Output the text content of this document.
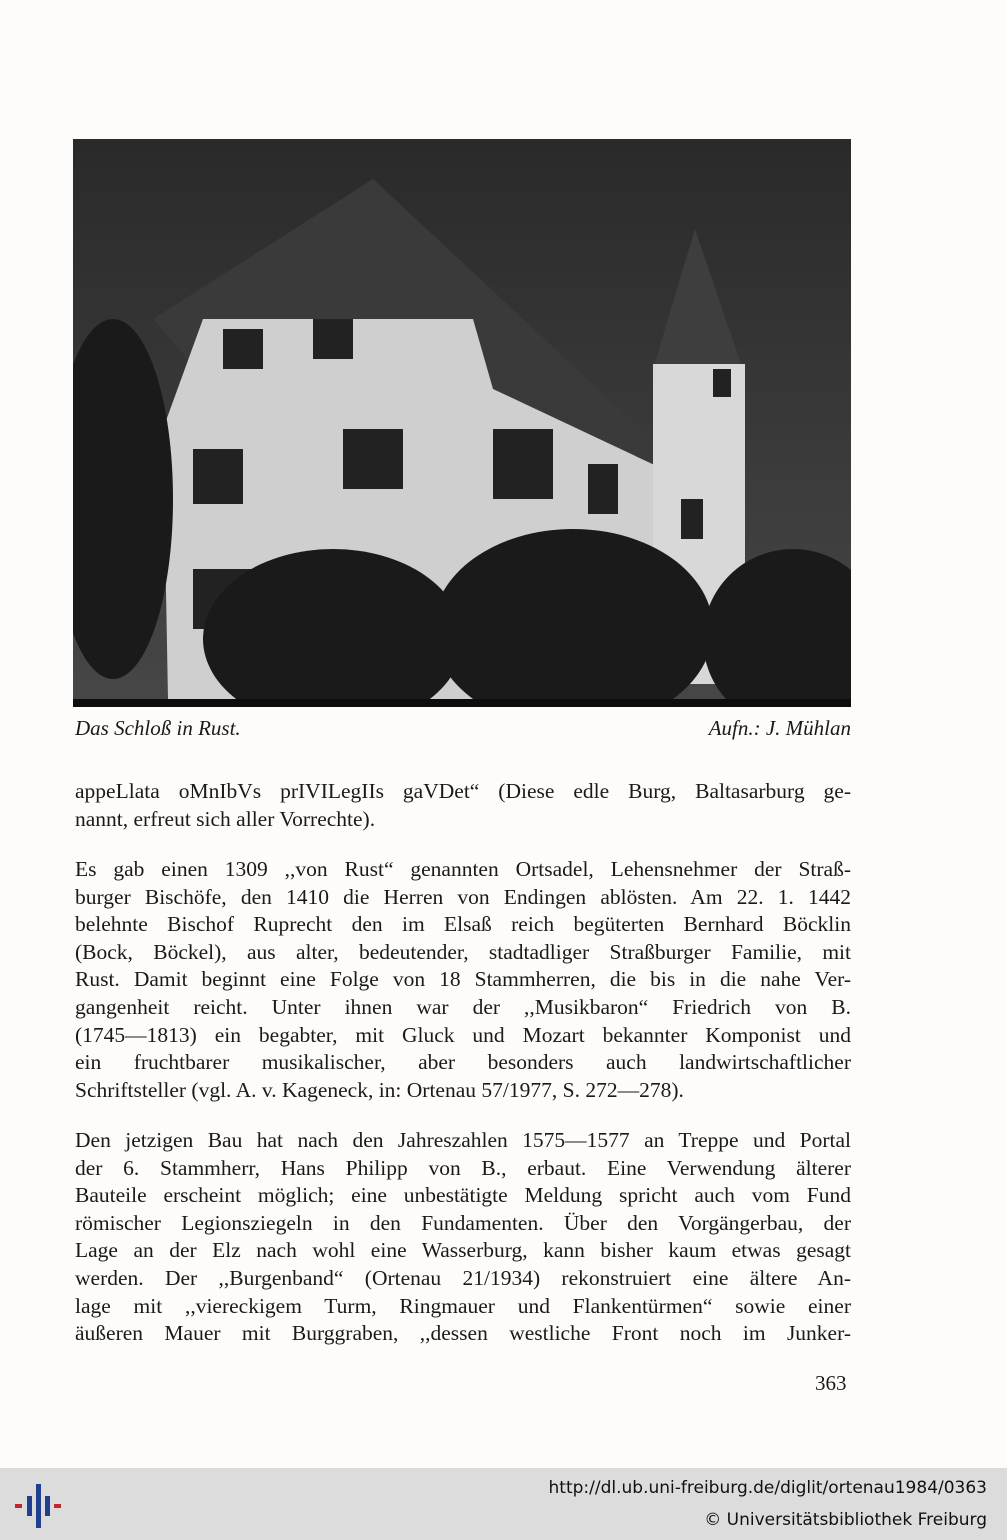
Das Schloß in Rust.	Aufn.: J. Mühlan
appeLlata oMnIbVs prIVILegIIs gaVDet“ (Diese edle Burg, Baltasarburg ge-
nannt, erfreut sich aller Vorrechte).
Es gab einen 1309 ,,von Rust“ genannten Ortsadel, Lehensnehmer der Straß-
burger Bischöfe, den 1410 die Herren von Endingen ablösten. Am 22. 1. 1442
belehnte Bischof Ruprecht den im Elsaß reich begüterten Bernhard Böcklin
(Bock, Böckel), aus alter, bedeutender, stadtadliger Straßburger Familie, mit
Rust. Damit beginnt eine Folge von 18 Stammherren, die bis in die nahe Ver-
gangenheit reicht. Unter ihnen war der ,,Musikbaron“ Friedrich von B.
(1745—1813) ein begabter, mit Gluck und Mozart bekannter Komponist und
ein fruchtbarer musikalischer, aber besonders auch landwirtschaftlicher
Schriftsteller (vgl. A. v. Kageneck, in: Ortenau 57/1977, S. 272—278).
Den jetzigen Bau hat nach den Jahreszahlen 1575—1577 an Treppe und Portal
der 6. Stammherr, Hans Philipp von B., erbaut. Eine Verwendung älterer
Bauteile erscheint möglich; eine unbestätigte Meldung spricht auch vom Fund
römischer Legionsziegeln in den Fundamenten. Über den Vorgängerbau, der
Lage an der Elz nach wohl eine Wasserburg, kann bisher kaum etwas gesagt
werden. Der ,,Burgenband“ (Ortenau 21/1934) rekonstruiert eine ältere An-
lage mit ,,viereckigem Turm, Ringmauer und Flankentürmen“ sowie einer
äußeren Mauer mit Burggraben, ,,dessen westliche Front noch im Junker-
363
http://dl.ub.uni-freiburg.de/diglit/ortenau1984/0363
© Universitätsbibliothek Freiburg
